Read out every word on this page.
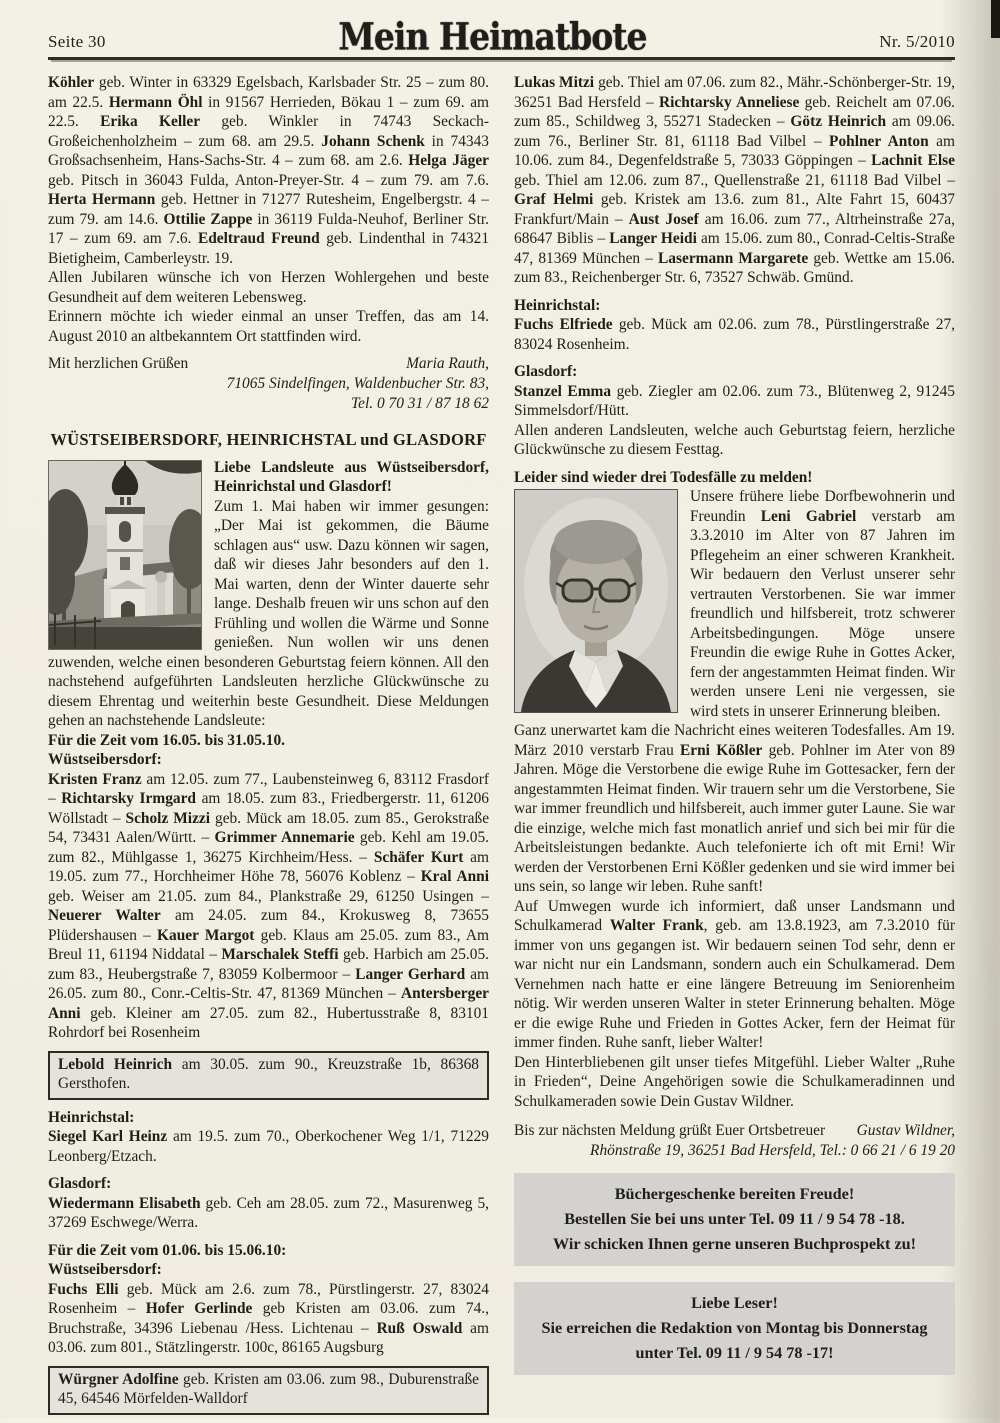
Seite 30	Mein Heimatbote	Nr. 5/2010

Köhler geb. Winter in 63329 Egelsbach, Karlsbader Str. 25 – zum 80. am 22.5. Hermann Öhl in 91567 Herrieden, Bökau 1 – zum 69. am 22.5. Erika Keller geb. Winkler in 74743 Seckach-Großeichenholzheim – zum 68. am 29.5. Johann Schenk in 74343 Großsachsenheim, Hans-Sachs-Str. 4 – zum 68. am 2.6. Helga Jäger geb. Pitsch in 36043 Fulda, Anton-Preyer-Str. 4 – zum 79. am 7.6. Herta Hermann geb. Hettner in 71277 Rutesheim, Engelbergstr. 4 – zum 79. am 14.6. Ottilie Zappe in 36119 Fulda-Neuhof, Berliner Str. 17 – zum 69. am 7.6. Edeltraud Freund geb. Lindenthal in 74321 Bietigheim, Camberleystr. 19.

Allen Jubilaren wünsche ich von Herzen Wohlergehen und beste Gesundheit auf dem weiteren Lebensweg.

Erinnern möchte ich wieder einmal an unser Treffen, das am 14. August 2010 an altbekanntem Ort stattfinden wird.

Mit herzlichen Grüßen	Maria Rauth,
71065 Sindelfingen, Waldenbucher Str. 83,
Tel. 0 70 31 / 87 18 62
WÜSTSEIBERSDORF, HEINRICHSTAL und GLASDORF

Liebe Landsleute aus Wüstseibersdorf, Heinrichstal und Glasdorf!

Zum 1. Mai haben wir immer gesungen: „Der Mai ist gekommen, die Bäume schlagen aus“ usw. Dazu können wir sagen, daß wir dieses Jahr besonders auf den 1. Mai warten, denn der Winter dauerte sehr lange. Deshalb freuen wir uns schon auf den Frühling und wollen die Wärme und Sonne genießen. Nun wollen wir uns denen zuwenden, welche einen besonderen Geburtstag feiern können. All den nachstehend aufgeführten Landsleuten herzliche Glückwünsche zu diesem Ehrentag und weiterhin beste Gesundheit. Diese Meldungen gehen an nachstehende Landsleute:

Für die Zeit vom 16.05. bis 31.05.10.
Wüstseibersdorf:

Kristen Franz am 12.05. zum 77., Laubensteinweg 6, 83112 Frasdorf – Richtarsky Irmgard am 18.05. zum 83., Friedbergerstr. 11, 61206 Wöllstadt – Scholz Mizzi geb. Mück am 18.05. zum 85., Gerokstraße 54, 73431 Aalen/Württ. – Grimmer Annemarie geb. Kehl am 19.05. zum 82., Mühlgasse 1, 36275 Kirchheim/Hess. – Schäfer Kurt am 19.05. zum 77., Horchheimer Höhe 78, 56076 Koblenz – Kral Anni geb. Weiser am 21.05. zum 84., Plankstraße 29, 61250 Usingen – Neuerer Walter am 24.05. zum 84., Krokusweg 8, 73655 Plüdershausen – Kauer Margot geb. Klaus am 25.05. zum 83., Am Breul 11, 61194 Niddatal – Marschalek Steffi geb. Harbich am 25.05. zum 83., Heubergstraße 7, 83059 Kolbermoor – Langer Gerhard am 26.05. zum 80., Conr.-Celtis-Str. 47, 81369 München – Antersberger Anni geb. Kleiner am 27.05. zum 82., Hubertusstraße 8, 83101 Rohrdorf bei Rosenheim

Lebold Heinrich am 30.05. zum 90., Kreuzstraße 1b, 86368 Gersthofen.
Heinrichstal:

Siegel Karl Heinz am 19.5. zum 70., Oberkochener Weg 1/1, 71229 Leonberg/Etzach.

Glasdorf:

Wiedermann Elisabeth geb. Ceh am 28.05. zum 72., Masurenweg 5, 37269 Eschwege/Werra.

Für die Zeit vom 01.06. bis 15.06.10:
Wüstseibersdorf:

Fuchs Elli geb. Mück am 2.6. zum 78., Pürstlingerstr. 27, 83024 Rosenheim – Hofer Gerlinde geb Kristen am 03.06. zum 74., Bruchstraße, 34396 Liebenau /Hess. Lichtenau – Ruß Oswald am 03.06. zum 801., Stätzlingerstr. 100c, 86165 Augsburg

Würgner Adolfine geb. Kristen am 03.06. zum 98., Duburenstraße 45, 64546 Mörfelden-Walldorf

Lukas Mitzi geb. Thiel am 07.06. zum 82., Mähr.-Schönberger-Str. 19, 36251 Bad Hersfeld – Richtarsky Anneliese geb. Reichelt am 07.06. zum 85., Schildweg 3, 55271 Stadecken – Götz Heinrich am 09.06. zum 76., Berliner Str. 81, 61118 Bad Vilbel – Pohlner Anton am 10.06. zum 84., Degenfeldstraße 5, 73033 Göppingen – Lachnit Else geb. Thiel am 12.06. zum 87., Quellenstraße 21, 61118 Bad Vilbel – Graf Helmi geb. Kristek am 13.6. zum 81., Alte Fahrt 15, 60437 Frankfurt/Main – Aust Josef am 16.06. zum 77., Altrheinstraße 27a, 68647 Biblis – Langer Heidi am 15.06. zum 80., Conrad-Celtis-Straße 47, 81369 München – Lasermann Margarete geb. Wettke am 15.06. zum 83., Reichenberger Str. 6, 73527 Schwäb. Gmünd.

Heinrichstal:

Fuchs Elfriede geb. Mück am 02.06. zum 78., Pürstlingerstraße 27, 83024 Rosenheim.

Glasdorf:

Stanzel Emma geb. Ziegler am 02.06. zum 73., Blütenweg 2, 91245 Simmelsdorf/Hütt.

Allen anderen Landsleuten, welche auch Geburtstag feiern, herzliche Glückwünsche zu diesem Festtag.

Leider sind wieder drei Todesfälle zu melden!

Unsere frühere liebe Dorfbewohnerin und Freundin Leni Gabriel verstarb am 3.3.2010 im Alter von 87 Jahren im Pflegeheim an einer schweren Krankheit. Wir bedauern den Verlust unserer sehr vertrauten Verstorbenen. Sie war immer freundlich und hilfsbereit, trotz schwerer Arbeitsbedingungen. Möge unsere Freundin die ewige Ruhe in Gottes Acker, fern der angestammten Heimat finden. Wir werden unsere Leni nie vergessen, sie wird stets in unserer Erinnerung bleiben.

Ganz unerwartet kam die Nachricht eines weiteren Todesfalles. Am 19. März 2010 verstarb Frau Erni Kößler geb. Pohlner im Ater von 89 Jahren. Möge die Verstorbene die ewige Ruhe im Gottesacker, fern der angestammten Heimat finden. Wir trauern sehr um die Verstorbene, Sie war immer freundlich und hilfsbereit, auch immer guter Laune. Sie war die einzige, welche mich fast monatlich anrief und sich bei mir für die Arbeitsleistungen bedankte. Auch telefonierte ich oft mit Erni! Wir werden der Verstorbenen Erni Kößler gedenken und sie wird immer bei uns sein, so lange wir leben. Ruhe sanft!

Auf Umwegen wurde ich informiert, daß unser Landsmann und Schulkamerad Walter Frank, geb. am 13.8.1923, am 7.3.2010 für immer von uns gegangen ist. Wir bedauern seinen Tod sehr, denn er war nicht nur ein Landsmann, sondern auch ein Schulkamerad. Dem Vernehmen nach hatte er eine längere Betreuung im Seniorenheim nötig. Wir werden unseren Walter in steter Erinnerung behalten. Möge er die ewige Ruhe und Frieden in Gottes Acker, fern der Heimat für immer finden. Ruhe sanft, lieber Walter!

Den Hinterbliebenen gilt unser tiefes Mitgefühl. Lieber Walter „Ruhe in Frieden“, Deine Angehörigen sowie die Schulkameradinnen und Schulkameraden sowie Dein Gustav Wildner.

Bis zur nächsten Meldung grüßt Euer Ortsbetreuer Gustav Wildner,
Rhönstraße 19, 36251 Bad Hersfeld, Tel.: 0 66 21 / 6 19 20
Büchergeschenke bereiten Freude!
Bestellen Sie bei uns unter Tel. 09 11 / 9 54 78 -18.
Wir schicken Ihnen gerne unseren Buchprospekt zu!
Liebe Leser!
Sie erreichen die Redaktion von Montag bis Donnerstag unter Tel. 09 11 / 9 54 78 -17!
